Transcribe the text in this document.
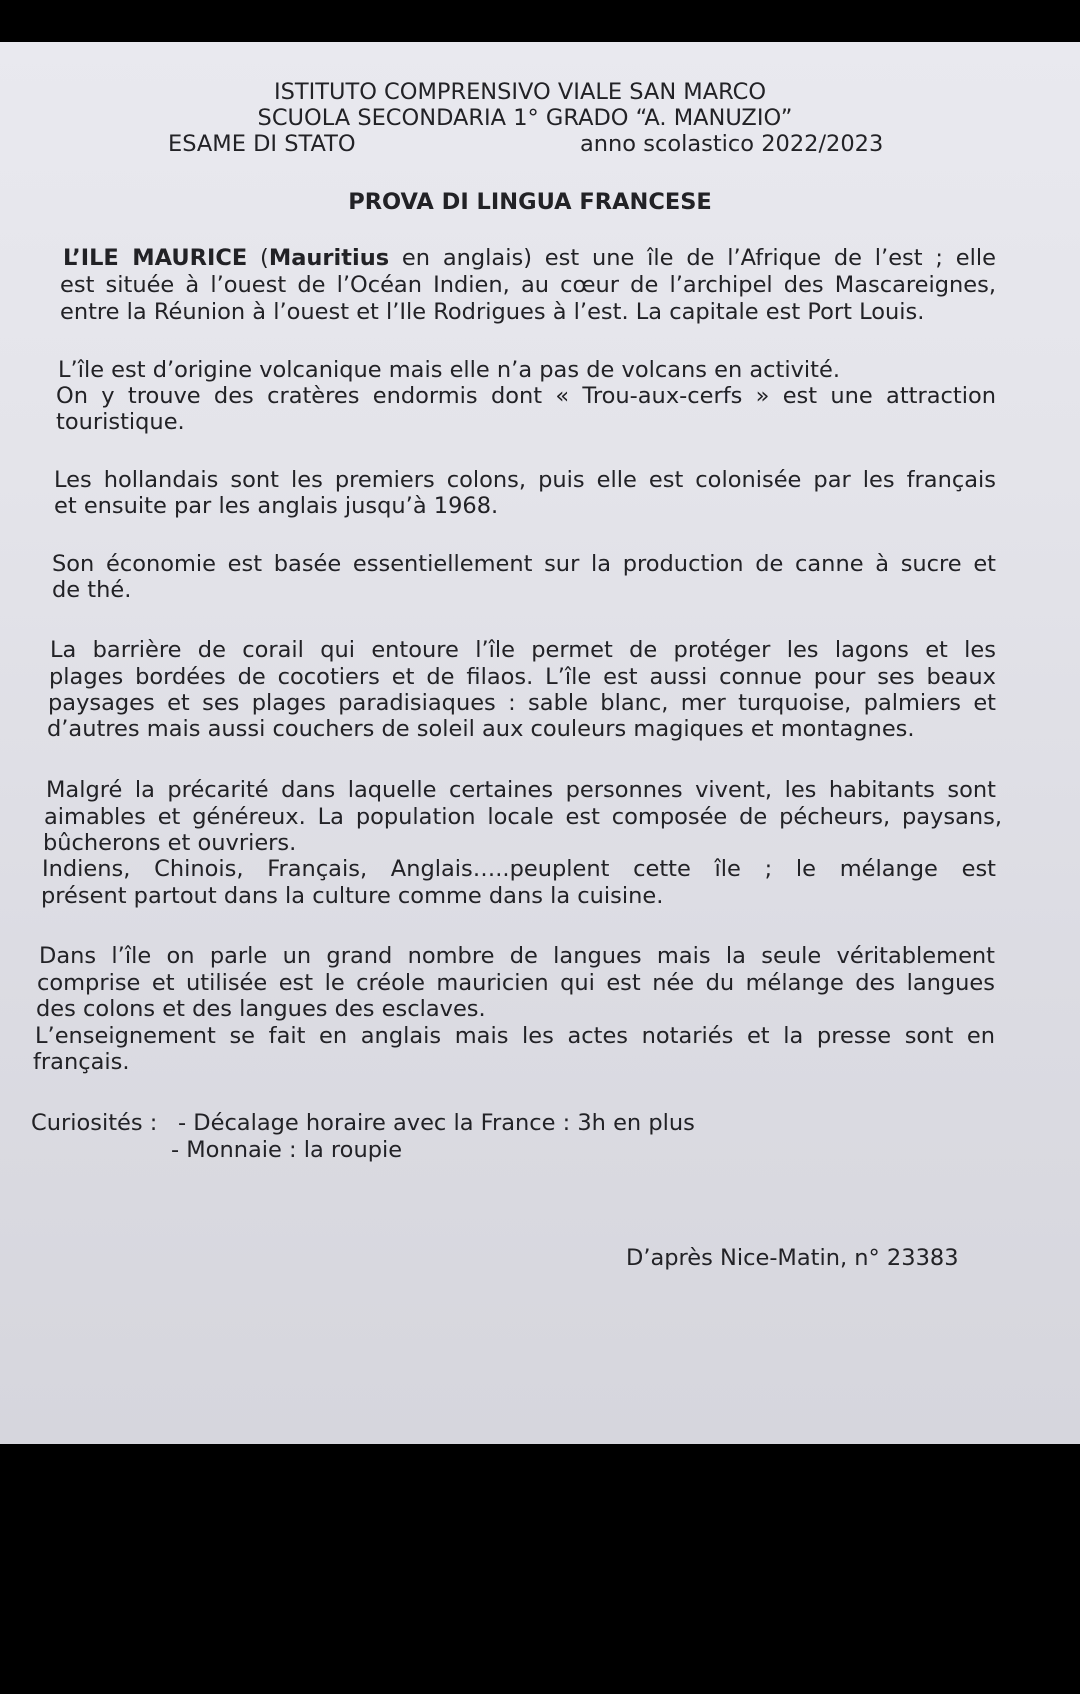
ISTITUTO COMPRENSIVO VIALE SAN MARCO
SCUOLA SECONDARIA 1° GRADO “A. MANUZIO”
ESAME DI STATO	anno scolastico 2022/2023
PROVA DI LINGUA FRANCESE
L’ILE MAURICE (Mauritius en anglais) est une île de l’Afrique de l’est ; elle
est située à l’ouest de l’Océan Indien, au cœur de l’archipel des Mascareignes,
entre la Réunion à l’ouest et l’Ile Rodrigues à l’est. La capitale est Port Louis.
L’île est d’origine volcanique mais elle n’a pas de volcans en activité.
On y trouve des cratères endormis dont « Trou-aux-cerfs » est une attraction
touristique.
Les hollandais sont les premiers colons, puis elle est colonisée par les français
et ensuite par les anglais jusqu’à 1968.
Son économie est basée essentiellement sur la production de canne à sucre et
de thé.
La barrière de corail qui entoure l’île permet de protéger les lagons et les
plages bordées de cocotiers et de filaos. L’île est aussi connue pour ses beaux
paysages et ses plages paradisiaques : sable blanc, mer turquoise, palmiers et
d’autres mais aussi couchers de soleil aux couleurs magiques et montagnes.
Malgré la précarité dans laquelle certaines personnes vivent, les habitants sont
aimables et généreux. La population locale est composée de pécheurs, paysans,
bûcherons et ouvriers.
Indiens, Chinois, Français, Anglais…..peuplent cette île ; le mélange est
présent partout dans la culture comme dans la cuisine.
Dans l’île on parle un grand nombre de langues mais la seule véritablement
comprise et utilisée est le créole mauricien qui est née du mélange des langues
des colons et des langues des esclaves.
L’enseignement se fait en anglais mais les actes notariés et la presse sont en
français.
Curiosités : - Décalage horaire avec la France : 3h en plus
- Monnaie : la roupie
D’après Nice-Matin, n° 23383
